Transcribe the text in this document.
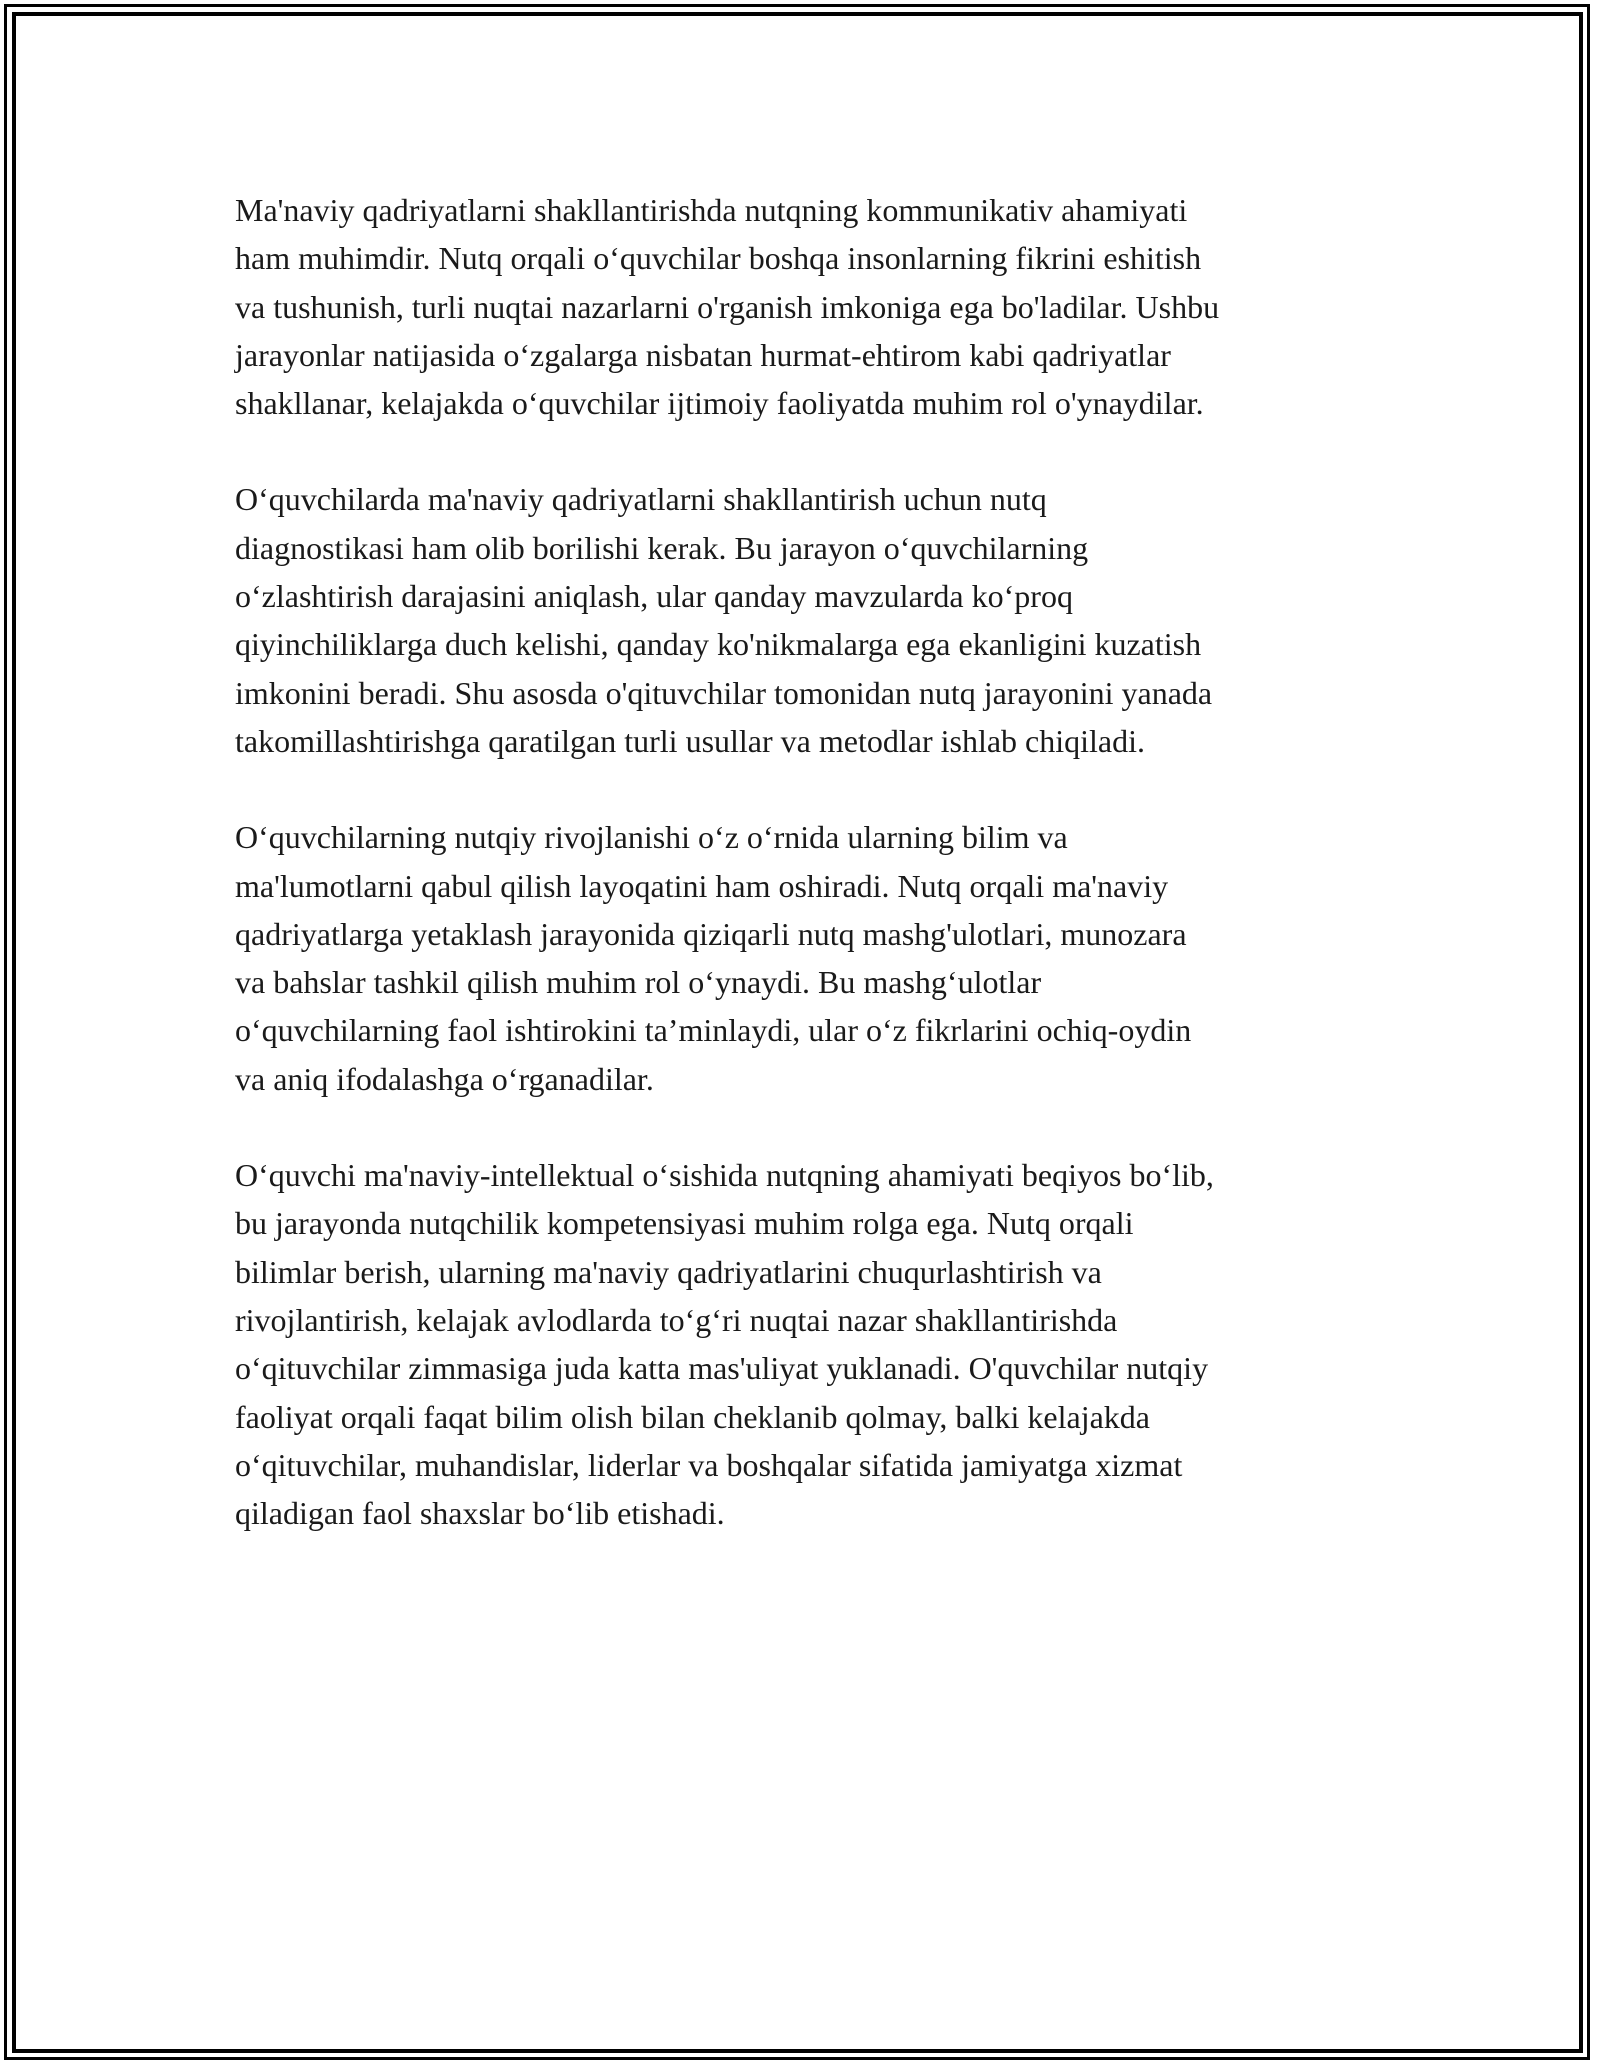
Ma'naviy qadriyatlarni shakllantirishda nutqning kommunikativ ahamiyati
ham muhimdir. Nutq orqali o‘quvchilar boshqa insonlarning fikrini eshitish
va tushunish, turli nuqtai nazarlarni o'rganish imkoniga ega bo'ladilar. Ushbu
jarayonlar natijasida o‘zgalarga nisbatan hurmat-ehtirom kabi qadriyatlar
shakllanar, kelajakda o‘quvchilar ijtimoiy faoliyatda muhim rol o'ynaydilar.

O‘quvchilarda ma'naviy qadriyatlarni shakllantirish uchun nutq
diagnostikasi ham olib borilishi kerak. Bu jarayon o‘quvchilarning
o‘zlashtirish darajasini aniqlash, ular qanday mavzularda ko‘proq
qiyinchiliklarga duch kelishi, qanday ko'nikmalarga ega ekanligini kuzatish
imkonini beradi. Shu asosda o'qituvchilar tomonidan nutq jarayonini yanada
takomillashtirishga qaratilgan turli usullar va metodlar ishlab chiqiladi.

O‘quvchilarning nutqiy rivojlanishi o‘z o‘rnida ularning bilim va
ma'lumotlarni qabul qilish layoqatini ham oshiradi. Nutq orqali ma'naviy
qadriyatlarga yetaklash jarayonida qiziqarli nutq mashg'ulotlari, munozara
va bahslar tashkil qilish muhim rol o‘ynaydi. Bu mashg‘ulotlar
o‘quvchilarning faol ishtirokini ta’minlaydi, ular o‘z fikrlarini ochiq-oydin
va aniq ifodalashga o‘rganadilar.

O‘quvchi ma'naviy-intellektual o‘sishida nutqning ahamiyati beqiyos bo‘lib,
bu jarayonda nutqchilik kompetensiyasi muhim rolga ega. Nutq orqali
bilimlar berish, ularning ma'naviy qadriyatlarini chuqurlashtirish va
rivojlantirish, kelajak avlodlarda to‘g‘ri nuqtai nazar shakllantirishda
o‘qituvchilar zimmasiga juda katta mas'uliyat yuklanadi. O'quvchilar nutqiy
faoliyat orqali faqat bilim olish bilan cheklanib qolmay, balki kelajakda
o‘qituvchilar, muhandislar, liderlar va boshqalar sifatida jamiyatga xizmat
qiladigan faol shaxslar bo‘lib etishadi.
